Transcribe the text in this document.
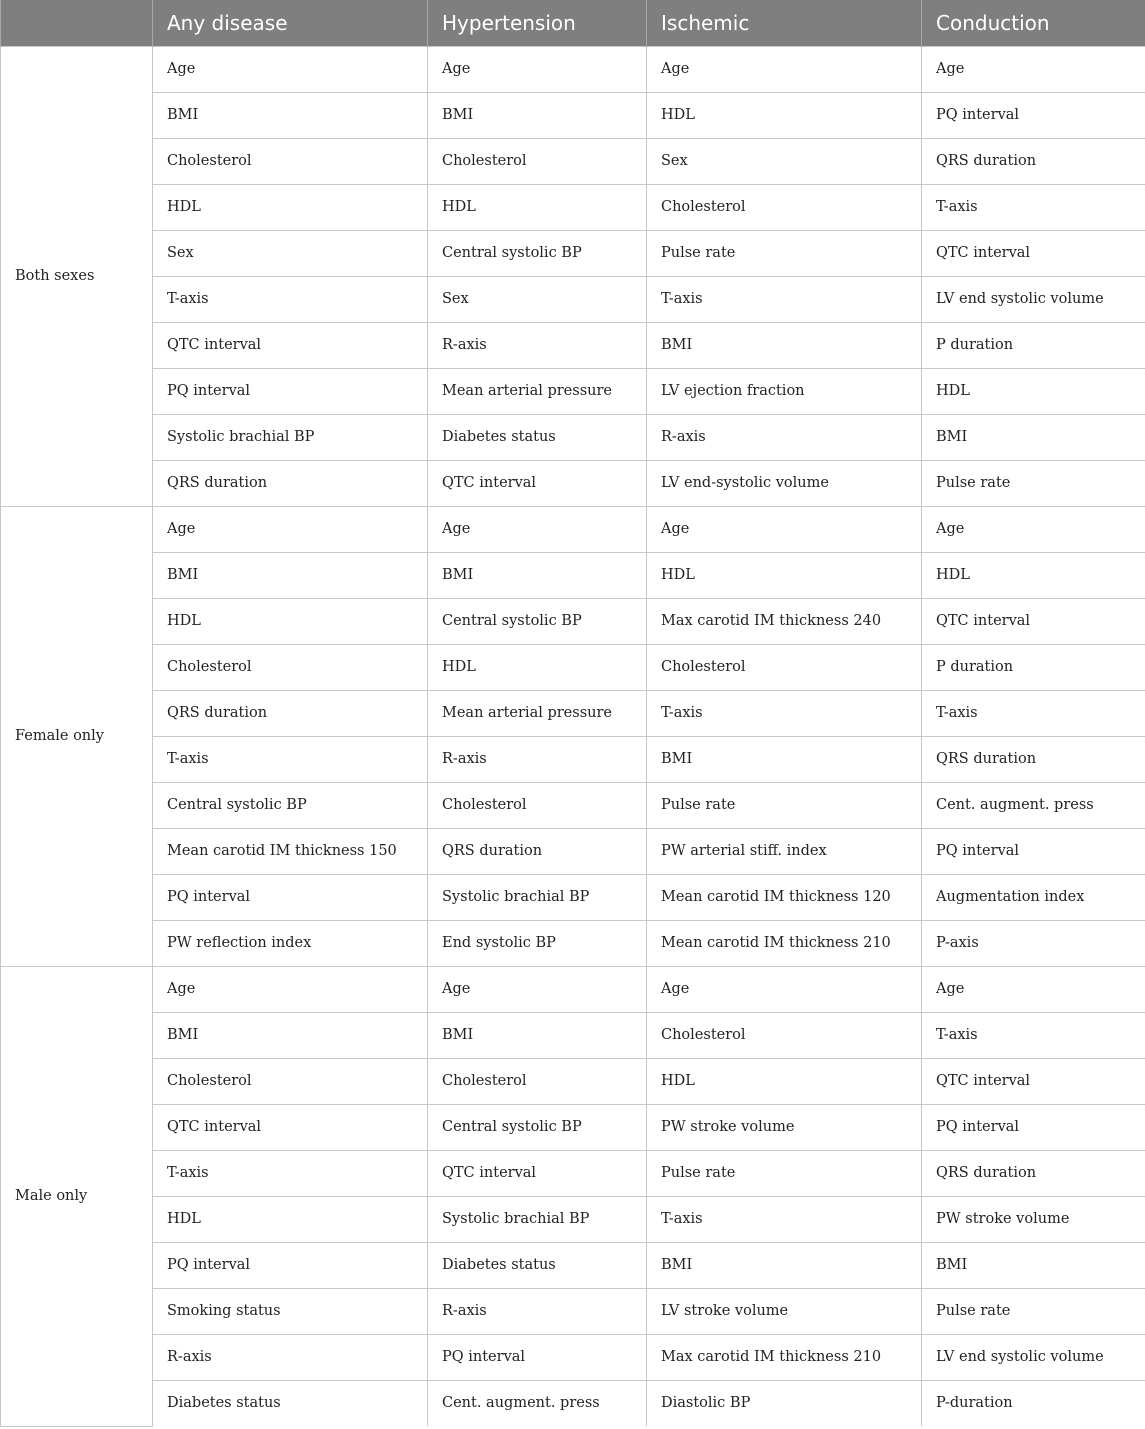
	Any disease	Hypertension	Ischemic	Conduction
Both sexes	Age	Age	Age	Age
	BMI	BMI	HDL	PQ interval
	Cholesterol	Cholesterol	Sex	QRS duration
	HDL	HDL	Cholesterol	T-axis
	Sex	Central systolic BP	Pulse rate	QTC interval
	T-axis	Sex	T-axis	LV end systolic volume
	QTC interval	R-axis	BMI	P duration
	PQ interval	Mean arterial pressure	LV ejection fraction	HDL
	Systolic brachial BP	Diabetes status	R-axis	BMI
	QRS duration	QTC interval	LV end-systolic volume	Pulse rate
Female only	Age	Age	Age	Age
	BMI	BMI	HDL	HDL
	HDL	Central systolic BP	Max carotid IM thickness 240	QTC interval
	Cholesterol	HDL	Cholesterol	P duration
	QRS duration	Mean arterial pressure	T-axis	T-axis
	T-axis	R-axis	BMI	QRS duration
	Central systolic BP	Cholesterol	Pulse rate	Cent. augment. press
	Mean carotid IM thickness 150	QRS duration	PW arterial stiff. index	PQ interval
	PQ interval	Systolic brachial BP	Mean carotid IM thickness 120	Augmentation index
	PW reflection index	End systolic BP	Mean carotid IM thickness 210	P-axis
Male only	Age	Age	Age	Age
	BMI	BMI	Cholesterol	T-axis
	Cholesterol	Cholesterol	HDL	QTC interval
	QTC interval	Central systolic BP	PW stroke volume	PQ interval
	T-axis	QTC interval	Pulse rate	QRS duration
	HDL	Systolic brachial BP	T-axis	PW stroke volume
	PQ interval	Diabetes status	BMI	BMI
	Smoking status	R-axis	LV stroke volume	Pulse rate
	R-axis	PQ interval	Max carotid IM thickness 210	LV end systolic volume
	Diabetes status	Cent. augment. press	Diastolic BP	P-duration
